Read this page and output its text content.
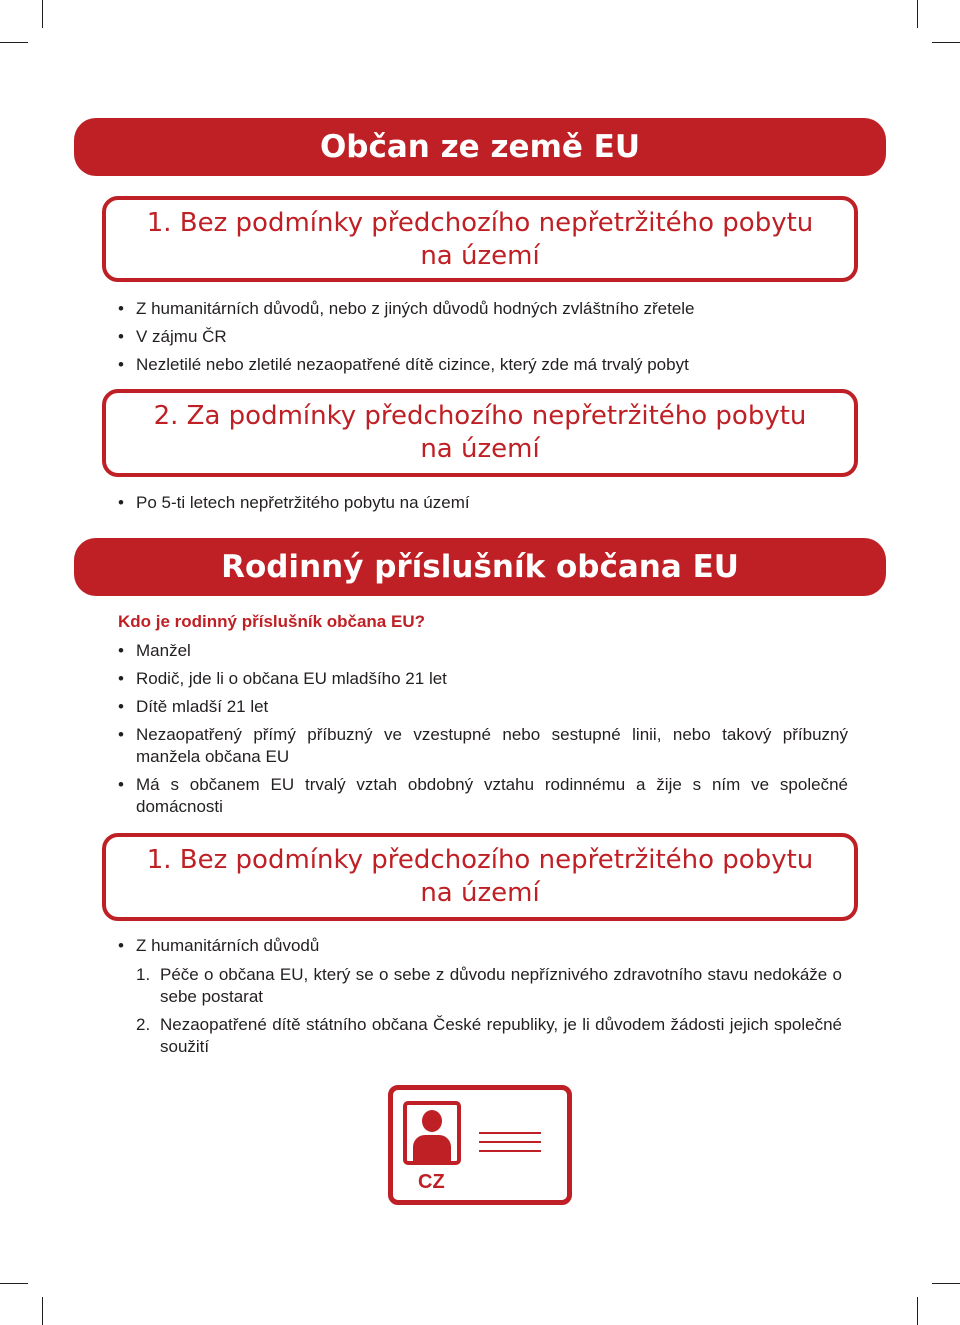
Občan ze země EU
1. Bez podmínky předchozího nepřetržitého pobytu
na území
• Z humanitárních důvodů, nebo z jiných důvodů hodných zvláštního zřetele
• V zájmu ČR
• Nezletilé nebo zletilé nezaopatřené dítě cizince, který zde má trvalý pobyt
2. Za podmínky předchozího nepřetržitého pobytu
na území
• Po 5-ti letech nepřetržitého pobytu na území
Rodinný příslušník občana EU
Kdo je rodinný příslušník občana EU?
• Manžel
• Rodič, jde li o občana EU mladšího 21 let
• Dítě mladší 21 let
• Nezaopatřený přímý příbuzný ve vzestupné nebo sestupné linii, nebo takový příbuzný manžela občana EU
• Má s občanem EU trvalý vztah obdobný vztahu rodinnému a žije s ním ve společné domácnosti
1. Bez podmínky předchozího nepřetržitého pobytu
na území
• Z humanitárních důvodů
1. Péče o občana EU, který se o sebe z důvodu nepříznivého zdravotního stavu nedokáže o sebe postarat
2. Nezaopatřené dítě státního občana České republiky, je li důvodem žádosti jejich společné soužití
CZ
